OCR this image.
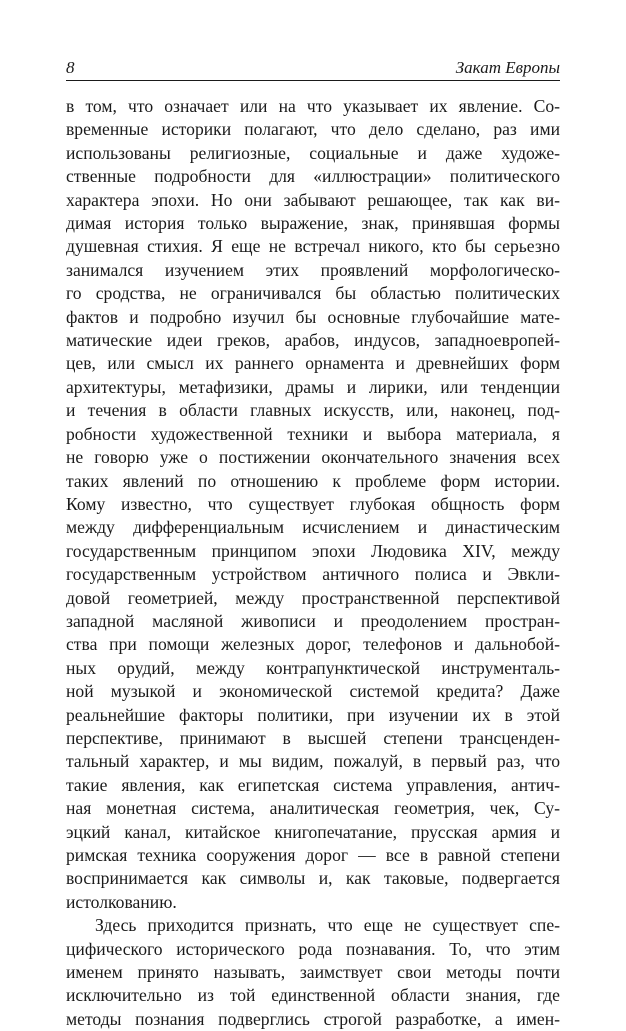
8	Закат Европы
в том, что означает или на что указывает их явление. Со-
временные историки полагают, что дело сделано, раз ими
использованы религиозные, социальные и даже художе-
ственные подробности для «иллюстрации» политического
характера эпохи. Но они забывают решающее, так как ви-
димая история только выражение, знак, принявшая формы
душевная стихия. Я еще не встречал никого, кто бы серьезно
занимался изучением этих проявлений морфологическо-
го сродства, не ограничивался бы областью политических
фактов и подробно изучил бы основные глубочайшие мате-
матические идеи греков, арабов, индусов, западноевропей-
цев, или смысл их раннего орнамента и древнейших форм
архитектуры, метафизики, драмы и лирики, или тенденции
и течения в области главных искусств, или, наконец, под-
робности художественной техники и выбора материала, я
не говорю уже о постижении окончательного значения всех
таких явлений по отношению к проблеме форм истории.
Кому известно, что существует глубокая общность форм
между дифференциальным исчислением и династическим
государственным принципом эпохи Людовика XIV, между
государственным устройством античного полиса и Эвкли-
довой геометрией, между пространственной перспективой
западной масляной живописи и преодолением простран-
ства при помощи железных дорог, телефонов и дальнобой-
ных орудий, между контрапунктической инструменталь-
ной музыкой и экономической системой кредита? Даже
реальнейшие факторы политики, при изучении их в этой
перспективе, принимают в высшей степени трансценден-
тальный характер, и мы видим, пожалуй, в первый раз, что
такие явления, как египетская система управления, антич-
ная монетная система, аналитическая геометрия, чек, Су-
эцкий канал, китайское книгопечатание, прусская армия и
римская техника сооружения дорог — все в равной степени
воспринимается как символы и, как таковые, подвергается
истолкованию.
Здесь приходится признать, что еще не существует спе-
цифического исторического рода познавания. То, что этим
именем принято называть, заимствует свои методы почти
исключительно из той единственной области знания, где
методы познания подверглись строгой разработке, а имен-
